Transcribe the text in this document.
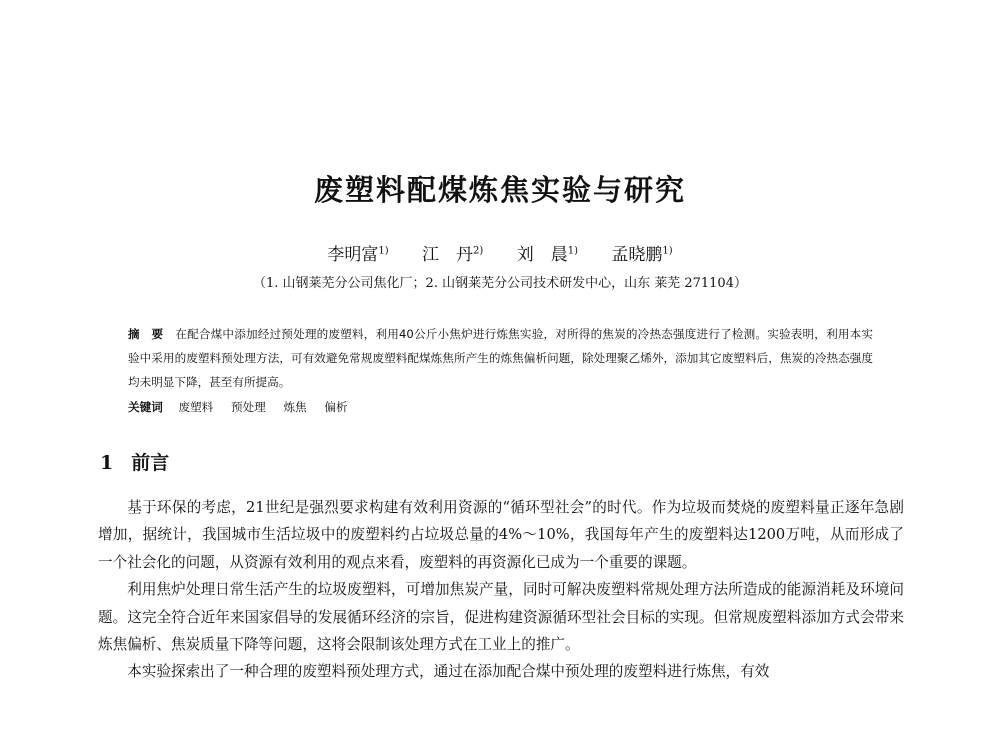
废塑料配煤炼焦实验与研究
李明富$^{1)}$ 江　丹$^{2)}$ 刘　晨$^{1)}$ 孟晓鹏$^{1)}$
（1. 山钢莱芜分公司焦化厂；2. 山钢莱芜分公司技术研发中心，山东 莱芜 271104）
摘　要 在配合煤中添加经过预处理的废塑料，利用40公斤小焦炉进行炼焦实验，对所得的焦炭的冷热态强度进行了检测。实验表明，利用本实验中采用的废塑料预处理方法，可有效避免常规废塑料配煤炼焦所产生的炼焦偏析问题，除处理聚乙烯外，添加其它废塑料后，焦炭的冷热态强度均未明显下降，甚至有所提高。
关键词 废塑料 预处理 炼焦 偏析
1 前言

基于环保的考虑，21世纪是强烈要求构建有效利用资源的“循环型社会”的时代。作为垃圾而焚烧的废塑料量正逐年急剧增加，据统计，我国城市生活垃圾中的废塑料约占垃圾总量的4%～10%，我国每年产生的废塑料达1200万吨，从而形成了一个社会化的问题，从资源有效利用的观点来看，废塑料的再资源化已成为一个重要的课题。

利用焦炉处理日常生活产生的垃圾废塑料，可增加焦炭产量，同时可解决废塑料常规处理方法所造成的能源消耗及环境问题。这完全符合近年来国家倡导的发展循环经济的宗旨，促进构建资源循环型社会目标的实现。但常规废塑料添加方式会带来炼焦偏析、焦炭质量下降等问题，这将会限制该处理方式在工业上的推广。

本实验探索出了一种合理的废塑料预处理方式，通过在添加配合煤中预处理的废塑料进行炼焦，有效
